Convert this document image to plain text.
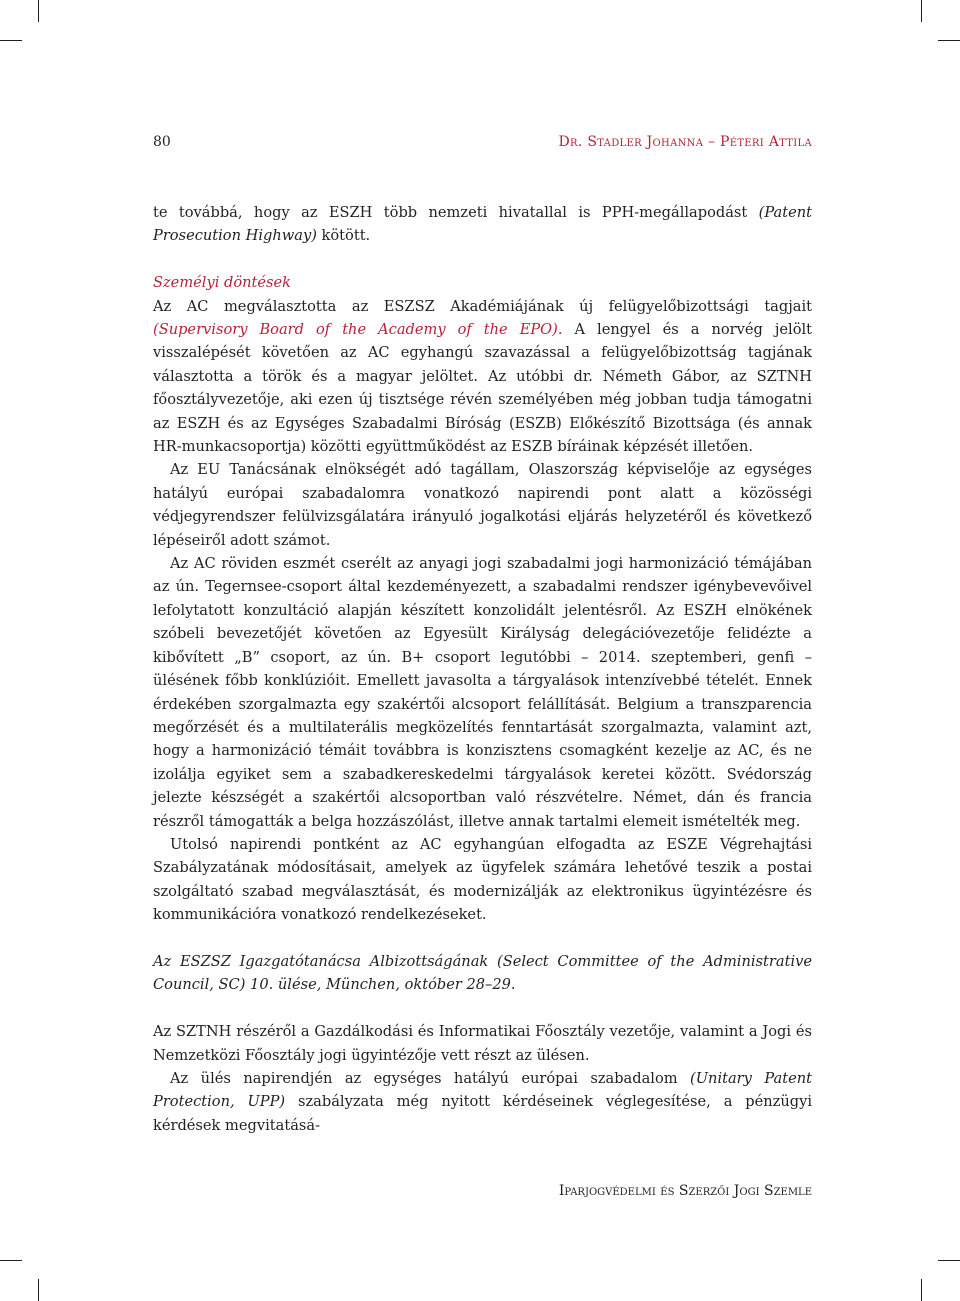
80	Dr. Stadler Johanna – Péteri Attila

te továbbá, hogy az ESZH több nemzeti hivatallal is PPH-megállapodást (Patent Prosecution Highway) kötött.

Személyi döntések

Az AC megválasztotta az ESZSZ Akadémiájának új felügyelőbizottsági tagjait (Supervisory Board of the Academy of the EPO). A lengyel és a norvég jelölt visszalépését követően az AC egyhangú szavazással a felügyelőbizottság tagjának választotta a török és a magyar jelöltet. Az utóbbi dr. Németh Gábor, az SZTNH főosztályvezetője, aki ezen új tisztsége révén személyében még jobban tudja támogatni az ESZH és az Egységes Szabadalmi Bíróság (ESZB) Előkészítő Bizottsága (és annak HR-munkacsoportja) közötti együttműködést az ESZB bíráinak képzését illetően.

Az EU Tanácsának elnökségét adó tagállam, Olaszország képviselője az egységes hatályú európai szabadalomra vonatkozó napirendi pont alatt a közösségi védjegyrendszer felülvizsgálatára irányuló jogalkotási eljárás helyzetéről és következő lépéseiről adott számot.

Az AC röviden eszmét cserélt az anyagi jogi szabadalmi jogi harmonizáció témájában az ún. Tegernsee-csoport által kezdeményezett, a szabadalmi rendszer igénybevevőivel lefolytatott konzultáció alapján készített konzolidált jelentésről. Az ESZH elnökének szóbeli bevezetőjét követően az Egyesült Királyság delegációvezetője felidézte a kibővített „B” csoport, az ún. B+ csoport legutóbbi – 2014. szeptemberi, genfi – ülésének főbb konklúzióit. Emellett javasolta a tárgyalások intenzívebbé tételét. Ennek érdekében szorgalmazta egy szakértői alcsoport felállítását. Belgium a transzparencia megőrzését és a multilaterális megközelítés fenntartását szorgalmazta, valamint azt, hogy a harmonizáció témáit továbbra is konzisztens csomagként kezelje az AC, és ne izolálja egyiket sem a szabadkereskedelmi tárgyalások keretei között. Svédország jelezte készségét a szakértői alcsoportban való részvételre. Német, dán és francia részről támogatták a belga hozzászólást, illetve annak tartalmi elemeit ismételték meg.

Utolsó napirendi pontként az AC egyhangúan elfogadta az ESZE Végrehajtási Szabályzatának módosításait, amelyek az ügyfelek számára lehetővé teszik a postai szolgáltató szabad megválasztását, és modernizálják az elektronikus ügyintézésre és kommunikációra vonatkozó rendelkezéseket.

Az ESZSZ Igazgatótanácsa Albizottságának (Select Committee of the Administrative Council, SC) 10. ülése, München, október 28–29.

Az SZTNH részéről a Gazdálkodási és Informatikai Főosztály vezetője, valamint a Jogi és Nemzetközi Főosztály jogi ügyintézője vett részt az ülésen.

Az ülés napirendjén az egységes hatályú európai szabadalom (Unitary Patent Protection, UPP) szabályzata még nyitott kérdéseinek véglegesítése, a pénzügyi kérdések megvitatásá-

Iparjogvédelmi és Szerzői Jogi Szemle
